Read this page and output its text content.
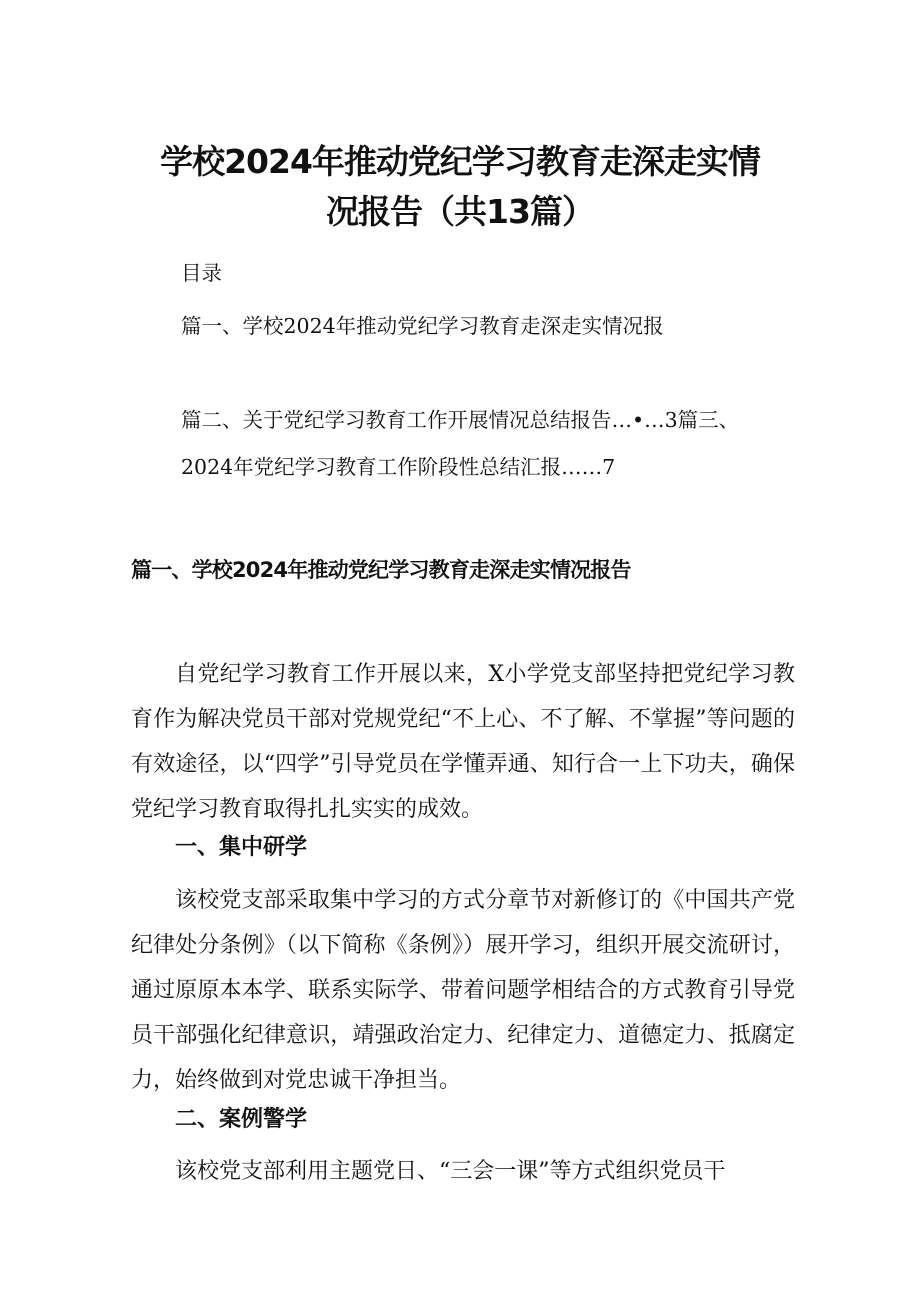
学校2024年推动党纪学习教育走深走实情
况报告（共13篇）
目录
篇一、学校2024年推动党纪学习教育走深走实情况报
篇二、关于党纪学习教育工作开展情况总结报告…•…3篇三、
2024年党纪学习教育工作阶段性总结汇报……7
篇一、学校2024年推动党纪学习教育走深走实情况报告

自党纪学习教育工作开展以来，X小学党支部坚持把党纪学习教育作为解决党员干部对党规党纪“不上心、不了解、不掌握”等问题的有效途径，以“四学”引导党员在学懂弄通、知行合一上下功夫，确保党纪学习教育取得扎扎实实的成效。

一、集中研学

该校党支部采取集中学习的方式分章节对新修订的《中国共产党纪律处分条例》（以下简称《条例》）展开学习，组织开展交流研讨，通过原原本本学、联系实际学、带着问题学相结合的方式教育引导党员干部强化纪律意识，靖强政治定力、纪律定力、道德定力、抵腐定力，始终做到对党忠诚干净担当。

二、案例警学

该校党支部利用主题党日、“三会一课”等方式组织党员干
